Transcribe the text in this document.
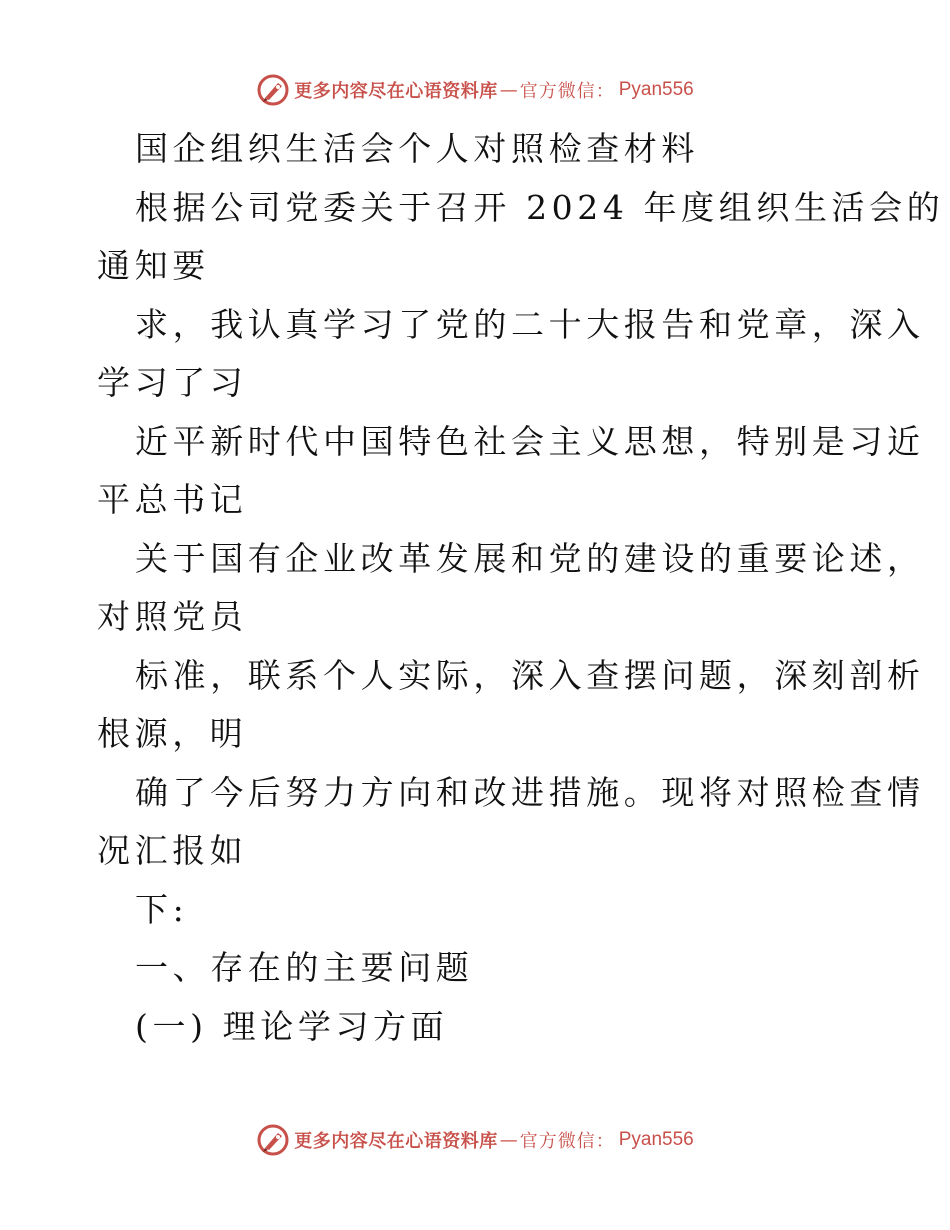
更多内容尽在心语资料库 — 官方微信： Pyan556
国企组织生活会个人对照检查材料
根据公司党委关于召开 2024 年度组织生活会的
通知要
求，我认真学习了党的二十大报告和党章，深入
学习了习
近平新时代中国特色社会主义思想，特别是习近
平总书记
关于国有企业改革发展和党的建设的重要论述，
对照党员
标准，联系个人实际，深入查摆问题，深刻剖析
根源，明
确了今后努力方向和改进措施。现将对照检查情
况汇报如
下:
一、存在的主要问题
(一) 理论学习方面
更多内容尽在心语资料库 — 官方微信： Pyan556
